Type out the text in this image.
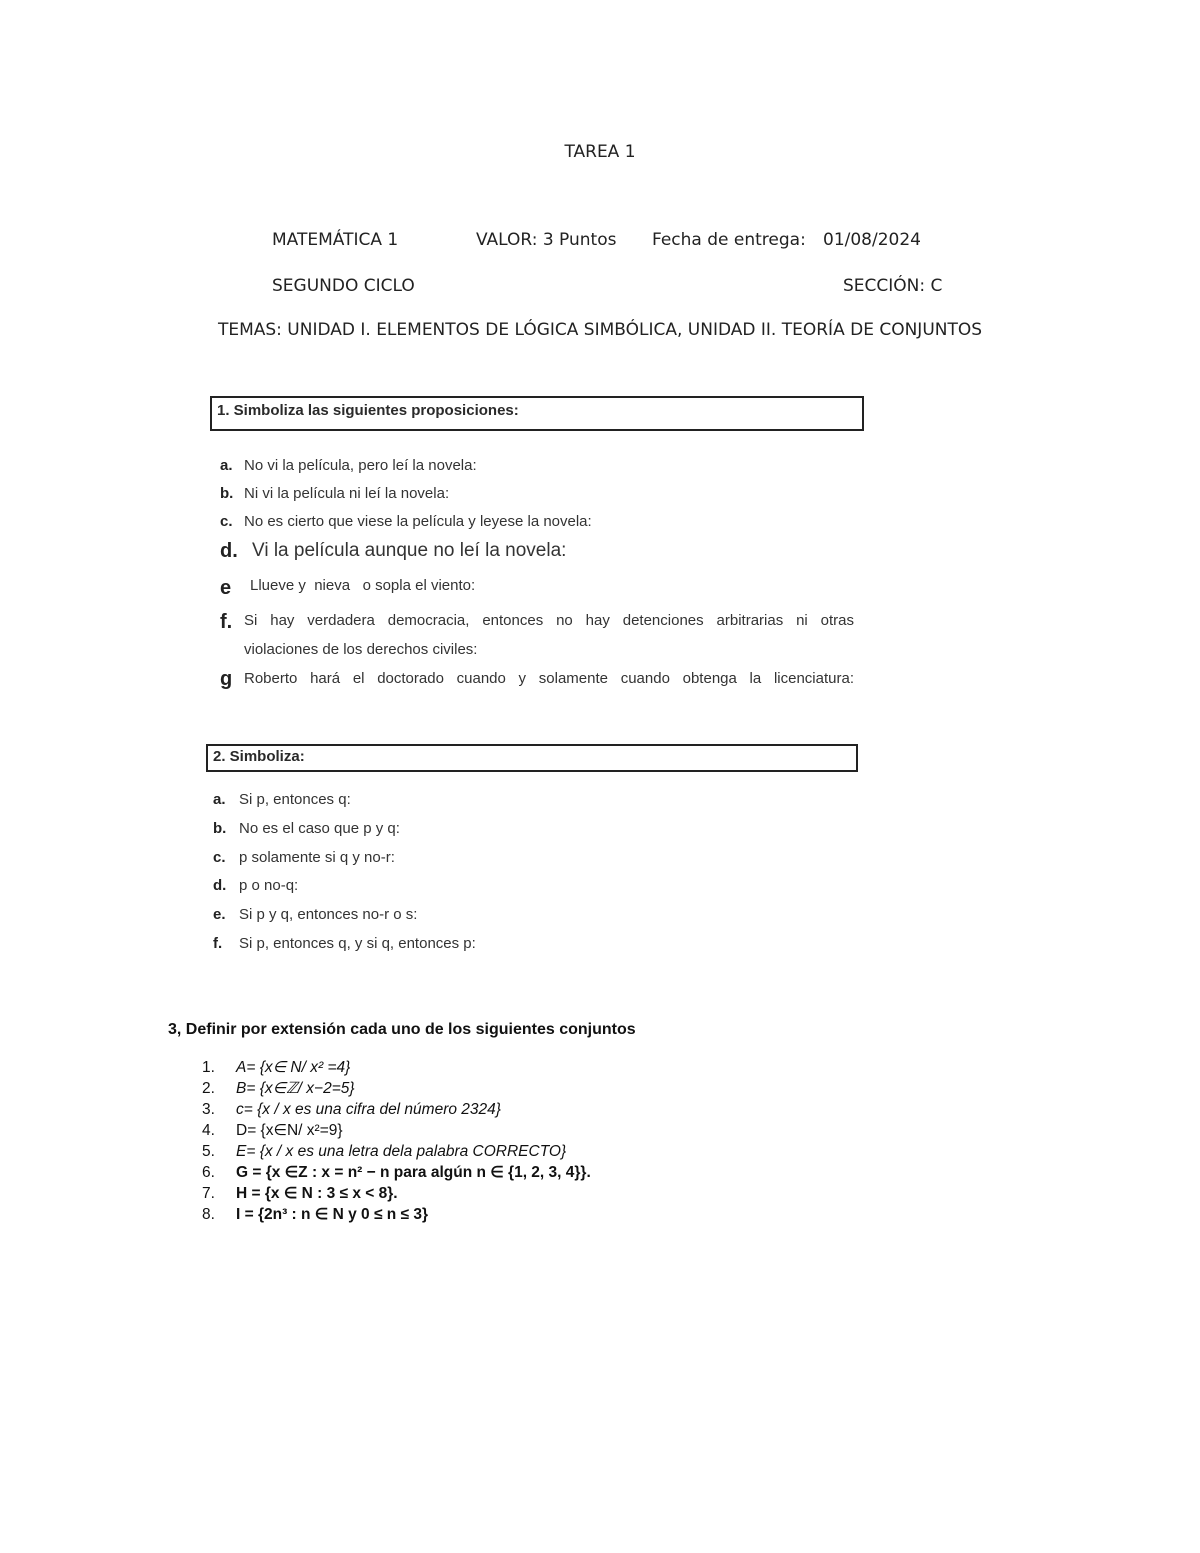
TAREA 1
MATEMÁTICA 1	VALOR: 3 Puntos Fecha de entrega: 01/08/2024
SEGUNDO CICLO	SECCIÓN: C
TEMAS: UNIDAD I. ELEMENTOS DE LÓGICA SIMBÓLICA, UNIDAD II. TEORÍA DE CONJUNTOS
1. Simboliza las siguientes proposiciones:
a. No vi la película, pero leí la novela:
b. Ni vi la película ni leí la novela:
c. No es cierto que viese la película y leyese la novela:
d. Vi la película aunque no leí la novela:
e Llueve y  nieva   o sopla el viento:
f. Si hay verdadera democracia, entonces no hay detenciones arbitrarias ni otras
violaciones de los derechos civiles:
g Roberto hará el doctorado cuando y solamente cuando obtenga la licenciatura:
2. Simboliza:
a. Si p, entonces q:
b. No es el caso que p y q:
c. p solamente si q y no-r:
d. p o no-q:
e. Si p y q, entonces no-r o s:
f. Si p, entonces q, y si q, entonces p:
3, Definir por extensión cada uno de los siguientes conjuntos
1. A= {x∈ N/ x² =4}
2. B= {x∈ℤ/ x−2=5}
3. c= {x / x es una cifra del número 2324}
4. D= {x∈N/ x²=9}
5. E= {x / x es una letra dela palabra CORRECTO}
6. G = {x ∈Z : x = n² − n para algún n ∈ {1, 2, 3, 4}}.
7. H = {x ∈ N : 3 ≤ x < 8}.
8. I = {2n³ : n ∈ N y 0 ≤ n ≤ 3}
